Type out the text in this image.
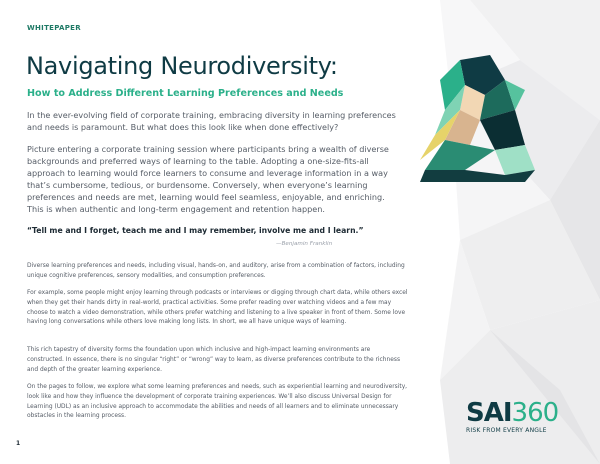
WHITEPAPER
Navigating Neurodiversity:
How to Address Different Learning Preferences and Needs

In the ever-evolving field of corporate training, embracing diversity in learning preferences and needs is paramount. But what does this look like when done effectively?

Picture entering a corporate training session where participants bring a wealth of diverse backgrounds and preferred ways of learning to the table. Adopting a one-size-fits-all approach to learning would force learners to consume and leverage information in a way that’s cumbersome, tedious, or burdensome. Conversely, when everyone’s learning preferences and needs are met, learning would feel seamless, enjoyable, and enriching. This is when authentic and long-term engagement and retention happen.

“Tell me and I forget, teach me and I may remember, involve me and I learn.”
—Benjamin Franklin

Diverse learning preferences and needs, including visual, hands-on, and auditory, arise from a combination of factors, including unique cognitive preferences, sensory modalities, and consumption preferences.

For example, some people might enjoy learning through podcasts or interviews or digging through chart data, while others excel when they get their hands dirty in real-world, practical activities. Some prefer reading over watching videos and a few may choose to watch a video demonstration, while others prefer watching and listening to a live speaker in front of them. Some love having long conversations while others love making long lists. In short, we all have unique ways of learning.

This rich tapestry of diversity forms the foundation upon which inclusive and high-impact learning environments are constructed. In essence, there is no singular “right” or “wrong” way to learn, as diverse preferences contribute to the richness and depth of the greater learning experience.

On the pages to follow, we explore what some learning preferences and needs, such as experiential learning and neurodiversity, look like and how they influence the development of corporate training experiences. We’ll also discuss Universal Design for Learning (UDL) as an inclusive approach to accommodate the abilities and needs of all learners and to eliminate unnecessary obstacles in the learning process.

1
SAI360
RISK FROM EVERY ANGLE
